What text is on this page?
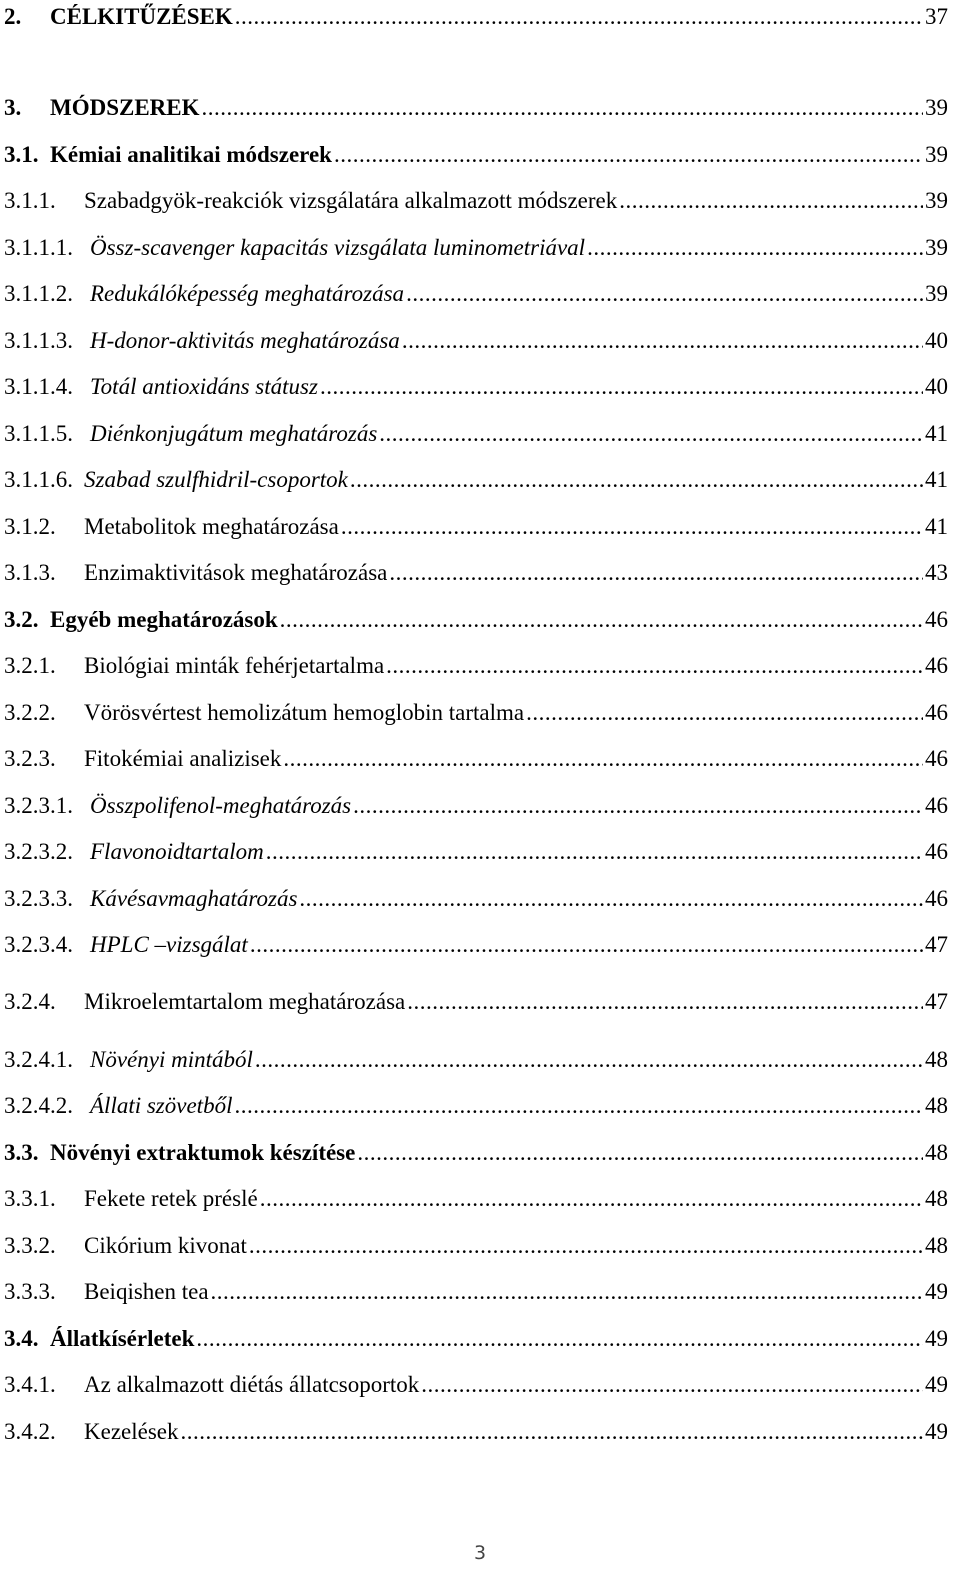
2.	CÉLKITŰZÉSEK .....	37
3.	MÓDSZEREK .....	39
3.1. Kémiai analitikai módszerek .....	39
3.1.1.	Szabadgyök-reakciók vizsgálatára alkalmazott módszerek .....	39
3.1.1.1. Össz-scavenger kapacitás vizsgálata luminometriával .....	39
3.1.1.2. Redukálóképesség meghatározása .....	39
3.1.1.3. H-donor-aktivitás meghatározása .....	40
3.1.1.4. Totál antioxidáns státusz .....	40
3.1.1.5. Diénkonjugátum meghatározás .....	41
3.1.1.6. Szabad szulfhidril-csoportok .....	41
3.1.2.	Metabolitok meghatározása .....	41
3.1.3.	Enzimaktivitások meghatározása .....	43
3.2. Egyéb meghatározások .....	46
3.2.1.	Biológiai minták fehérjetartalma .....	46
3.2.2.	Vörösvértest hemolizátum hemoglobin tartalma .....	46
3.2.3.	Fitokémiai analizisek .....	46
3.2.3.1. Összpolifenol-meghatározás .....	46
3.2.3.2. Flavonoidtartalom .....	46
3.2.3.3. Kávésavmaghatározás .....	46
3.2.3.4. HPLC –vizsgálat .....	47
3.2.4.	Mikroelemtartalom meghatározása .....	47
3.2.4.1. Növényi mintából .....	48
3.2.4.2. Állati szövetből .....	48
3.3. Növényi extraktumok készítése .....	48
3.3.1.	Fekete retek préslé .....	48
3.3.2.	Cikórium kivonat .....	48
3.3.3.	Beiqishen tea .....	49
3.4. Állatkísérletek .....	49
3.4.1.	Az alkalmazott diétás állatcsoportok .....	49
3.4.2.	Kezelések .....	49
3
